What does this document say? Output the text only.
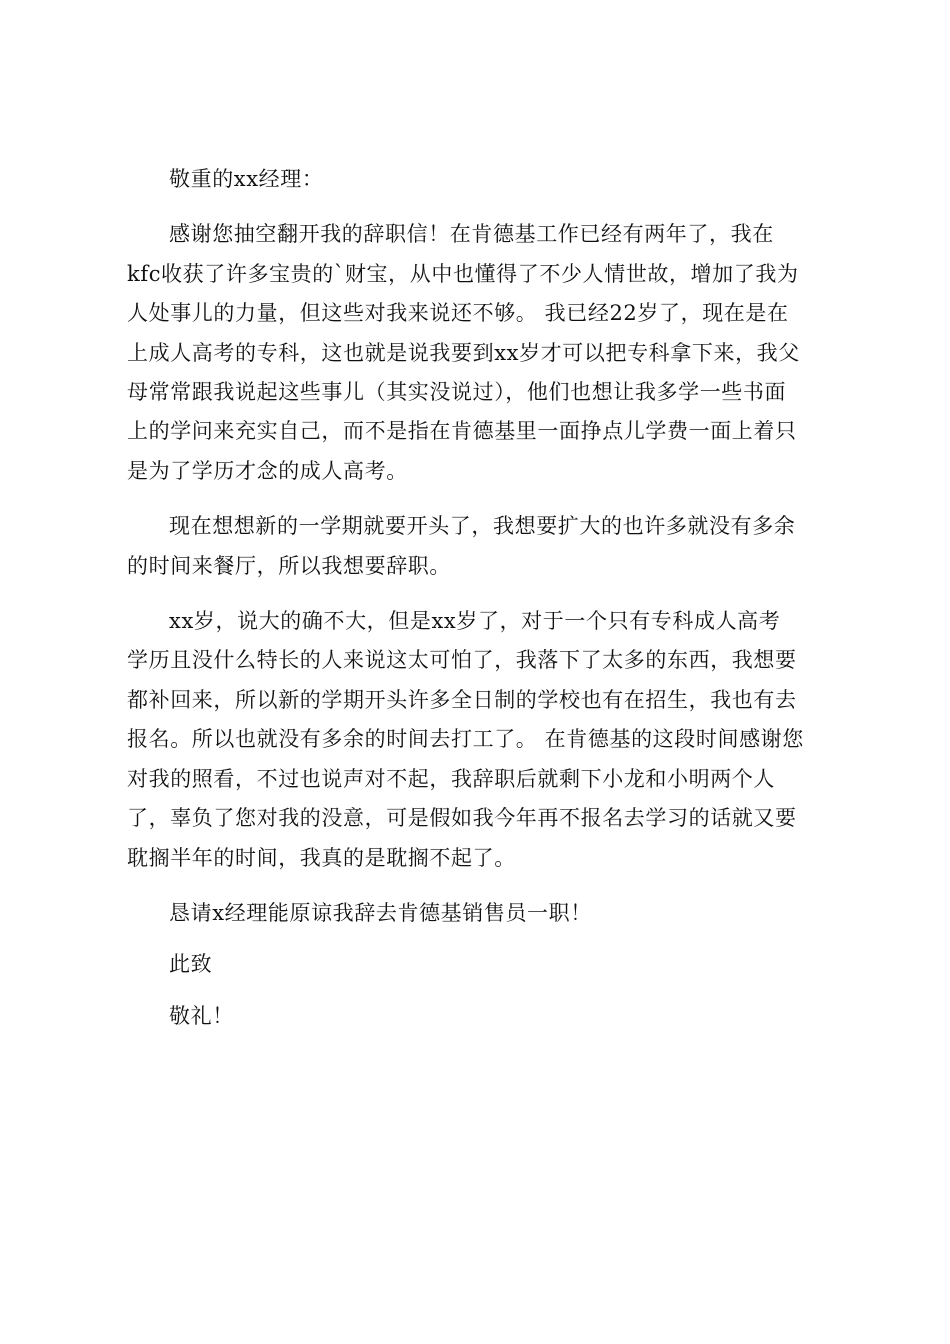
敬重的xx经理：

感谢您抽空翻开我的辞职信！在肯德基工作已经有两年了，我在
kfc收获了许多宝贵的`财宝，从中也懂得了不少人情世故，增加了我为
人处事儿的力量，但这些对我来说还不够。 我已经22岁了，现在是在
上成人高考的专科，这也就是说我要到xx岁才可以把专科拿下来，我父
母常常跟我说起这些事儿（其实没说过），他们也想让我多学一些书面
上的学问来充实自己，而不是指在肯德基里一面挣点儿学费一面上着只
是为了学历才念的成人高考。

现在想想新的一学期就要开头了，我想要扩大的也许多就没有多余
的时间来餐厅，所以我想要辞职。

xx岁，说大的确不大，但是xx岁了，对于一个只有专科成人高考
学历且没什么特长的人来说这太可怕了，我落下了太多的东西，我想要
都补回来，所以新的学期开头许多全日制的学校也有在招生，我也有去
报名。所以也就没有多余的时间去打工了。 在肯德基的这段时间感谢您
对我的照看，不过也说声对不起，我辞职后就剩下小龙和小明两个人
了，辜负了您对我的没意，可是假如我今年再不报名去学习的话就又要
耽搁半年的时间，我真的是耽搁不起了。

恳请x经理能原谅我辞去肯德基销售员一职！

此致

敬礼！
